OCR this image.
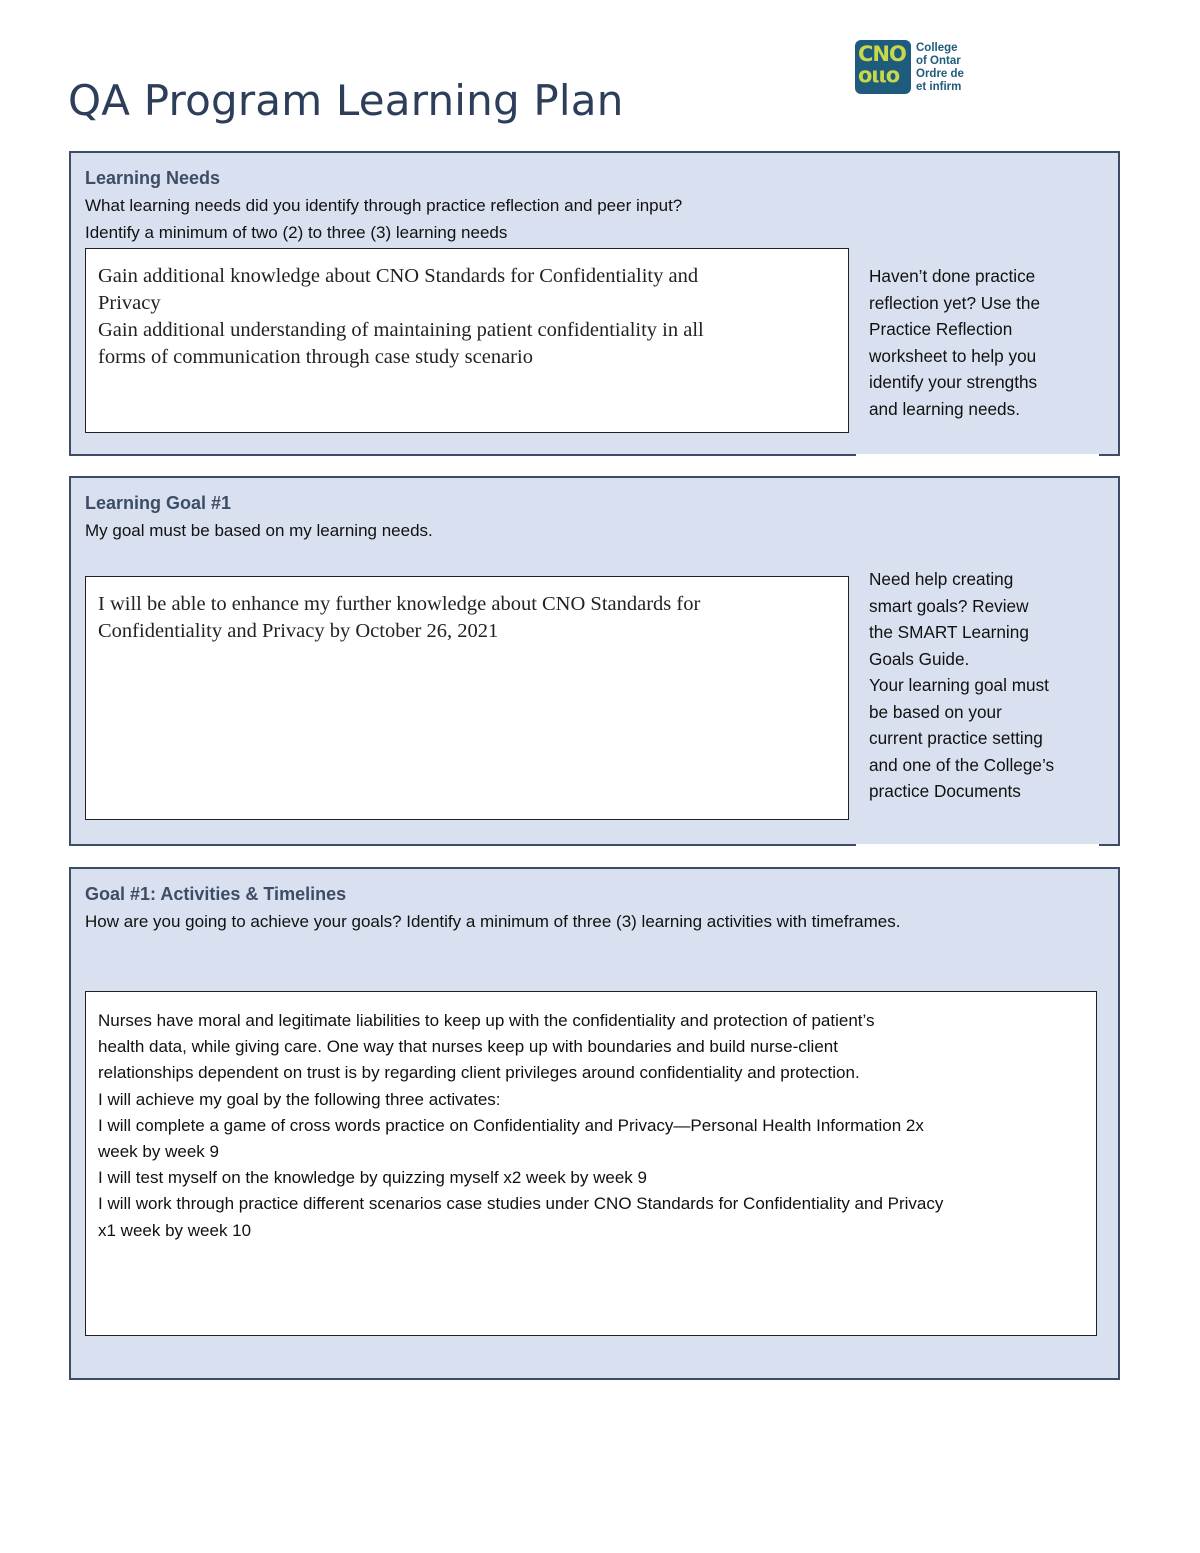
QA Program Learning Plan
CNO
οιιο
College
of Ontar
Ordre de
et infirm
Learning Needs
What learning needs did you identify through practice reflection and peer input?
Identify a minimum of two (2) to three (3) learning needs
Gain additional knowledge about CNO Standards for Confidentiality and
Privacy
Gain additional understanding of maintaining patient confidentiality in all
forms of communication through case study scenario
Haven’t done practice
reflection yet? Use the
Practice Reflection
worksheet to help you
identify your strengths
and learning needs.
Learning Goal #1
My goal must be based on my learning needs.
I will be able to enhance my further knowledge about CNO Standards for
Confidentiality and Privacy by October 26, 2021
Need help creating
smart goals? Review
the SMART Learning
Goals Guide.
Your learning goal must
be based on your
current practice setting
and one of the College’s
practice Documents
Goal #1: Activities & Timelines
How are you going to achieve your goals? Identify a minimum of three (3) learning activities with timeframes.
Nurses have moral and legitimate liabilities to keep up with the confidentiality and protection of patient’s
health data, while giving care. One way that nurses keep up with boundaries and build nurse-client
relationships dependent on trust is by regarding client privileges around confidentiality and protection.
I will achieve my goal by the following three activates:
I will complete a game of cross words practice on Confidentiality and Privacy—Personal Health Information 2x
week by week 9
I will test myself on the knowledge by quizzing myself x2 week by week 9
I will work through practice different scenarios case studies under CNO Standards for Confidentiality and Privacy
x1 week by week 10
